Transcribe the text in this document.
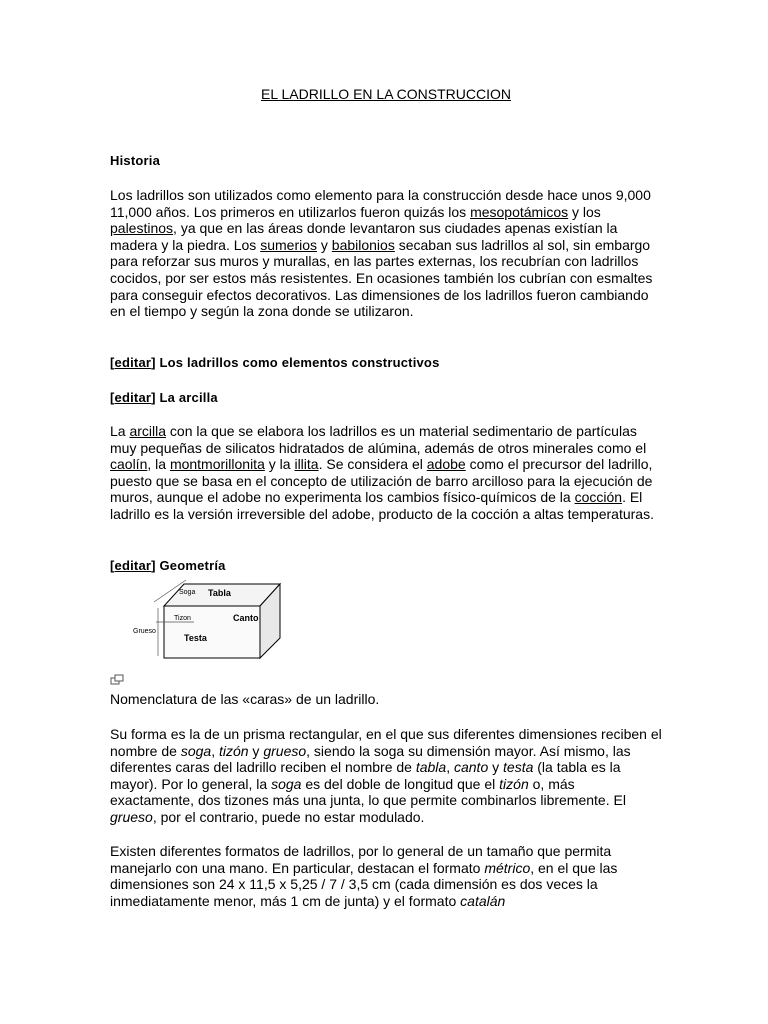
EL LADRILLO EN LA CONSTRUCCION
Historia

Los ladrillos son utilizados como elemento para la construcción desde hace unos 9,000 11,000 años. Los primeros en utilizarlos fueron quizás los mesopotámicos y los palestinos, ya que en las áreas donde levantaron sus ciudades apenas existían la madera y la piedra. Los sumerios y babilonios secaban sus ladrillos al sol, sin embargo para reforzar sus muros y murallas, en las partes externas, los recubrían con ladrillos cocidos, por ser estos más resistentes. En ocasiones también los cubrían con esmaltes para conseguir efectos decorativos. Las dimensiones de los ladrillos fueron cambiando en el tiempo y según la zona donde se utilizaron.

[editar] Los ladrillos como elementos constructivos
[editar] La arcilla

La arcilla con la que se elabora los ladrillos es un material sedimentario de partículas muy pequeñas de silicatos hidratados de alúmina, además de otros minerales como el caolín, la montmorillonita y la illita. Se considera el adobe como el precursor del ladrillo, puesto que se basa en el concepto de utilización de barro arcilloso para la ejecución de muros, aunque el adobe no experimenta los cambios físico-químicos de la cocción. El ladrillo es la versión irreversible del adobe, producto de la cocción a altas temperaturas.

[editar] Geometría
Soga Tabla
Canto
Tizon
Grueso
Testa
Nomenclatura de las «caras» de un ladrillo.

Su forma es la de un prisma rectangular, en el que sus diferentes dimensiones reciben el nombre de soga, tizón y grueso, siendo la soga su dimensión mayor. Así mismo, las diferentes caras del ladrillo reciben el nombre de tabla, canto y testa (la tabla es la mayor). Por lo general, la soga es del doble de longitud que el tizón o, más exactamente, dos tizones más una junta, lo que permite combinarlos libremente. El grueso, por el contrario, puede no estar modulado.

Existen diferentes formatos de ladrillos, por lo general de un tamaño que permita manejarlo con una mano. En particular, destacan el formato métrico, en el que las dimensiones son 24 x 11,5 x 5,25 / 7 / 3,5 cm (cada dimensión es dos veces la inmediatamente menor, más 1 cm de junta) y el formato catalán
